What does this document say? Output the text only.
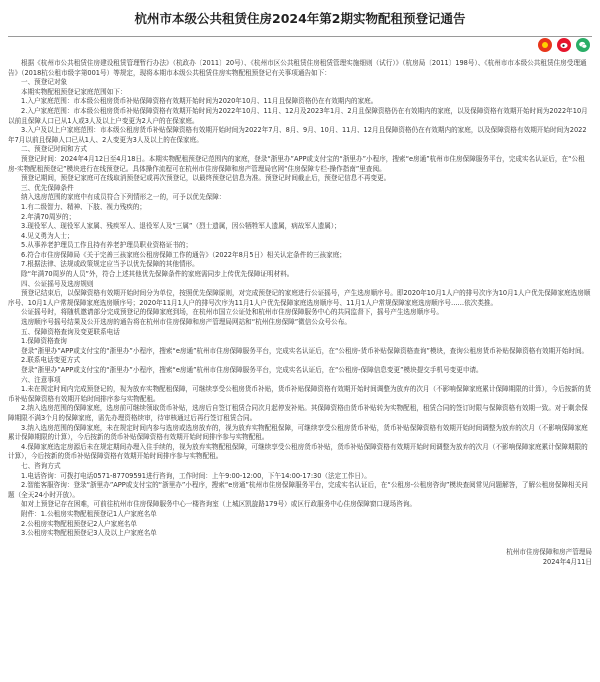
杭州市本级公共租赁住房2024年第2期实物配租预登记通告

根据《杭州市公共租赁住房建设租赁管理暂行办法》（杭政办〔2011〕20号）、《杭州市区公共租赁住房租赁管理实施细则（试行）》（杭房局〔2011〕198号）、《杭州市市本级公共租赁住房受理通告》（2018杭公租市级字第001号）等规定，现将本期市本级公共租赁住房实物配租预登记有关事项通告如下：

一、预登记对象

本期实物配租预登记家庭范围如下：

1.入户家庭范围：市本级公租房货币补贴保障资格有效期开始时间为2020年10月、11月且保障资格仍在有效期内的家庭。

2.入户家庭范围：市本级公租房货币补贴保障资格有效期开始时间为2022年10月、11月、12月及2023年1月、2月且保障资格仍在有效期内的家庭，以及保障资格有效期开始时间为2022年10月以前且保障人口已从1人或3人及以上户变更为2人户的在保家庭。

3.入户及以上户家庭范围：市本级公租房货币补贴保障资格有效期开始时间为2022年7月、8月、9月、10月、11月、12月且保障资格仍在有效期内的家庭，以及保障资格有效期开始时间为2022年7月以前且保障人口已从1人、2人变更为3人及以上的在保家庭。

二、预登记时间和方式

预登记时间：2024年4月12日至4月18日。本期实物配租预登记范围内的家庭，登录“浙里办”APP或支付宝的“浙里办”小程序，搜索“e房通”杭州市住房保障服务平台，完成实名认证后，在“公租房-实物配租预登记”模块进行在线预登记。具体操作流程可在杭州市住房保障和房产管理局官网“住房保障专栏-操作指南”里查阅。

预登记期间，预登记家庭可在线取消预登记或再次预登记，以最终预登记信息为准。预登记时间截止后，预登记信息不再变更。

三、优先保障条件

纳入选房范围的家庭中有成员符合下列情形之一的，可予以优先保障：

1.有二级智力、精神、下肢、视力残疾的；

2.年满70周岁的；

3.现役军人、现役军人家属、残疾军人、退役军人及“三属”（烈士遗属，因公牺牲军人遗属，病故军人遗属）；

4.见义勇为人士；

5.从事养老护理员工作且持有养老护理员职业资格证书的；

6.符合市住房保障局《关于完善三孩家庭公租房保障工作的通告》（2022年8月5日）相关认定条件的三孩家庭；

7.根据法律、法规或政策规定应当予以优先保障的其他情形。

除“年满70周岁的人员”外，符合上述其他优先保障条件的家庭需同步上传优先保障证明材料。

四、公证摇号及选房规则

预登记结束后，以保障资格有效期开始时间分为单位，按照优先保障原则，对完成预登记的家庭进行公证摇号，产生选房顺序号。即2020年10月1人户的排号次序为10月1人户优先保障家庭选房顺序号、10月1人户常规保障家庭选房顺序号；2020年11月1人户的排号次序为11月1人户优先保障家庭选房顺序号、11月1人户常规保障家庭选房顺序号……依次类推。

公证摇号时，将随机邀请部分完成预登记的保障家庭到场，在杭州市国立公证处和杭州市住房保障服务中心的共同监督下，摇号产生选房顺序号。

选房顺序号摇号结果及公开选房的通告将在杭州市住房保障和房产管理局网站和“杭州住房保障”微信公众号公布。

五、保障资格查询及变更联系电话

1.保障资格查询

登录“浙里办”APP或支付宝的“浙里办”小程序，搜索“e房通”杭州市住房保障服务平台，完成实名认证后，在“公租房-货币补贴保障资格查询”模块，查询公租房货币补贴保障资格有效期开始时间。

2.联系电话变更方式

登录“浙里办”APP或支付宝的“浙里办”小程序，搜索“e房通”杭州市住房保障服务平台，完成实名认证后，在“公租房-保障信息变更”模块提交手机号变更申请。

六、注意事项

1.未在规定时间内完成预登记的，视为放弃实物配租保障，可继续享受公租房货币补贴，货币补贴保障资格有效期开始时间调整为放弃的次月（不影响保障家庭累计保障期限的计算），今后按新的货币补贴保障资格有效期开始时间排序参与实物配租。

2.纳入选房范围的保障家庭，选房前可继续领取货币补贴，选房后自签订租赁合同次月起停发补贴。其保障资格由货币补贴转为实物配租，租赁合同的签订时限与保障资格有效期一致。对于剩余保障期限不满3个月的保障家庭，需先办理资格续审，待审核通过后再行签订租赁合同。

3.纳入选房范围的保障家庭，未在规定时间内参与选房或选房放弃的，视为放弃实物配租保障，可继续享受公租房货币补贴，货币补贴保障资格有效期开始时间调整为放弃的次月（不影响保障家庭累计保障期限的计算），今后按新的货币补贴保障资格有效期开始时间排序参与实物配租。

4.保障家庭选定房源后未在规定期间办理入住手续的，视为放弃实物配租保障，可继续享受公租房货币补贴，货币补贴保障资格有效期开始时间调整为放弃的次月（不影响保障家庭累计保障期限的计算），今后按新的货币补贴保障资格有效期开始时间排序参与实物配租。

七、咨询方式

1.电话咨询：可拨打电话0571-87709591进行咨询，工作时间：上午9:00-12:00，下午14:00-17:30（法定工作日）。

2.智能客服咨询：登录“浙里办”APP或支付宝的“浙里办”小程序，搜索“e房通”杭州市住房保障服务平台，完成实名认证后，在“公租房-公租房咨询”模块查阅常见问题解答，了解公租房保障相关问题（全天24小时开放）。

如对上预登记存在困难，可前往杭州市住房保障服务中心一楼咨询室（上城区凯旋路179号）或区行政服务中心住房保障窗口现场咨询。

附件：1.公租房实物配租预登记1人户家庭名单

2.公租房实物配租预登记2人户家庭名单

3.公租房实物配租预登记3人及以上户家庭名单

杭州市住房保障和房产管理局
2024年4月11日
